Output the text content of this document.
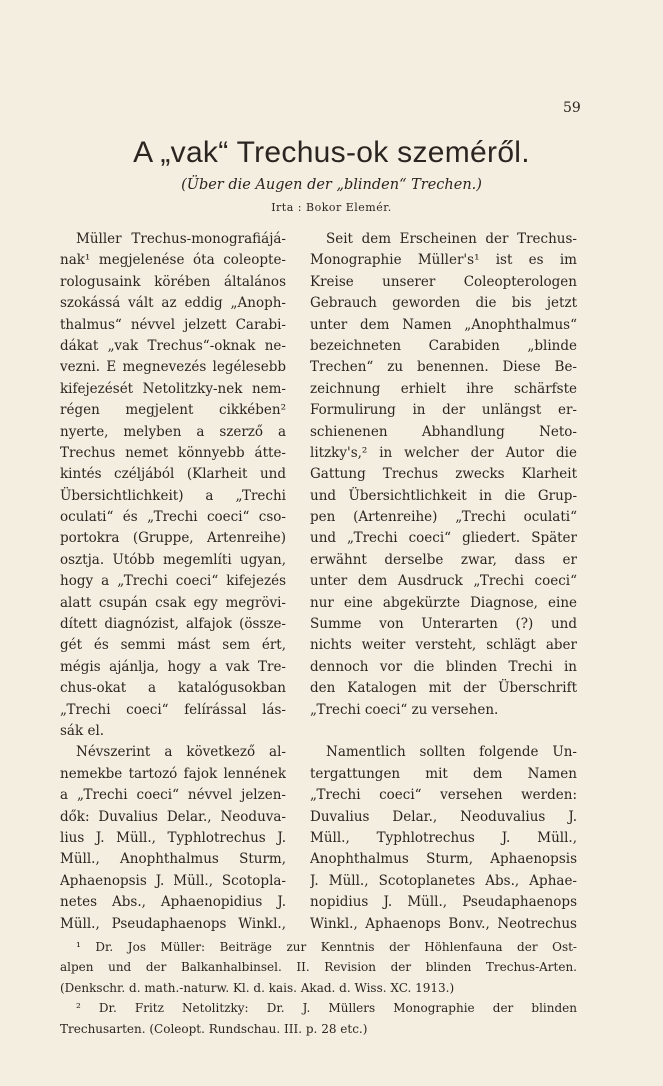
59
A „vak“ Trechus-ok szeméről.
(Über die Augen der „blinden“ Trechen.)
Irta : Bokor Elemér.
Müller Trechus-monografiájá-
nak¹ megjelenése óta coleopte-
rologusaink körében általános
szokássá vált az eddig „Anoph-
thalmus“ névvel jelzett Carabi-
dákat „vak Trechus“-oknak ne-
vezni. E megnevezés legélesebb
kifejezését Netolitzky-nek nem-
régen megjelent cikkében²
nyerte, melyben a szerző a
Trechus nemet könnyebb átte-
kintés czéljából (Klarheit und
Übersichtlichkeit) a „Trechi
oculati“ és „Trechi coeci“ cso-
portokra (Gruppe, Artenreihe)
osztja. Utóbb megemlíti ugyan,
hogy a „Trechi coeci“ kifejezés
alatt csupán csak egy megrövi-
dített diagnózist, alfajok (össze-
gét és semmi mást sem ért,
mégis ajánlja, hogy a vak Tre-
chus-okat a katalógusokban
„Trechi coeci“ felírással lás-
sák el.
Névszerint a következő al-
nemekbe tartozó fajok lennének
a „Trechi coeci“ névvel jelzen-
dők: Duvalius Delar., Neoduva-
lius J. Müll., Typhlotrechus J.
Müll., Anophthalmus Sturm,
Aphaenopsis J. Müll., Scotopla-
netes Abs., Aphaenopidius J.
Müll., Pseudaphaenops Winkl.,
Seit dem Erscheinen der Trechus-
Monographie Müller's¹ ist es im
Kreise unserer Coleopterologen
Gebrauch geworden die bis jetzt
unter dem Namen „Anophthalmus“
bezeichneten Carabiden „blinde
Trechen“ zu benennen. Diese Be-
zeichnung erhielt ihre schärfste
Formulirung in der unlängst er-
schienenen Abhandlung Neto-
litzky's,² in welcher der Autor die
Gattung Trechus zwecks Klarheit
und Übersichtlichkeit in die Grup-
pen (Artenreihe) „Trechi oculati“
und „Trechi coeci“ gliedert. Später
erwähnt derselbe zwar, dass er
unter dem Ausdruck „Trechi coeci“
nur eine abgekürzte Diagnose, eine
Summe von Unterarten (?) und
nichts weiter versteht, schlägt aber
dennoch vor die blinden Trechi in
den Katalogen mit der Überschrift
„Trechi coeci“ zu versehen.
Namentlich sollten folgende Un-
tergattungen mit dem Namen
„Trechi coeci“ versehen werden:
Duvalius Delar., Neoduvalius J.
Müll., Typhlotrechus J. Müll.,
Anophthalmus Sturm, Aphaenopsis
J. Müll., Scotoplanetes Abs., Aphae-
nopidius J. Müll., Pseudaphaenops
Winkl., Aphaenops Bonv., Neotrechus
¹ Dr. Jos Müller: Beiträge zur Kenntnis der Höhlenfauna der Ost-
alpen und der Balkanhalbinsel. II. Revision der blinden Trechus-Arten.
(Denkschr. d. math.-naturw. Kl. d. kais. Akad. d. Wiss. XC. 1913.)
² Dr. Fritz Netolitzky: Dr. J. Müllers Monographie der blinden
Trechusarten. (Coleopt. Rundschau. III. p. 28 etc.)
